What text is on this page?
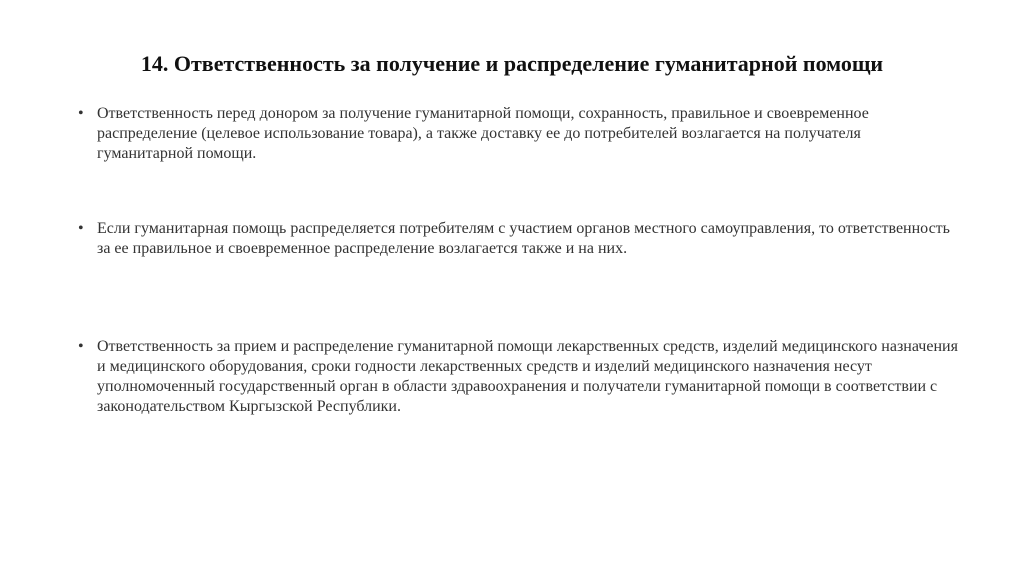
14. Ответственность за получение и распределение гуманитарной помощи
• Ответственность перед донором за получение гуманитарной помощи, сохранность, правильное и своевременное распределение (целевое использование товара), а также доставку ее до потребителей возлагается на получателя гуманитарной помощи.
• Если гуманитарная помощь распределяется потребителям с участием органов местного самоуправления, то ответственность за ее правильное и своевременное распределение возлагается также и на них.
• Ответственность за прием и распределение гуманитарной помощи лекарственных средств, изделий медицинского назначения и медицинского оборудования, сроки годности лекарственных средств и изделий медицинского назначения несут уполномоченный государственный орган в области здравоохранения и получатели гуманитарной помощи в соответствии с законодательством Кыргызской Республики.
